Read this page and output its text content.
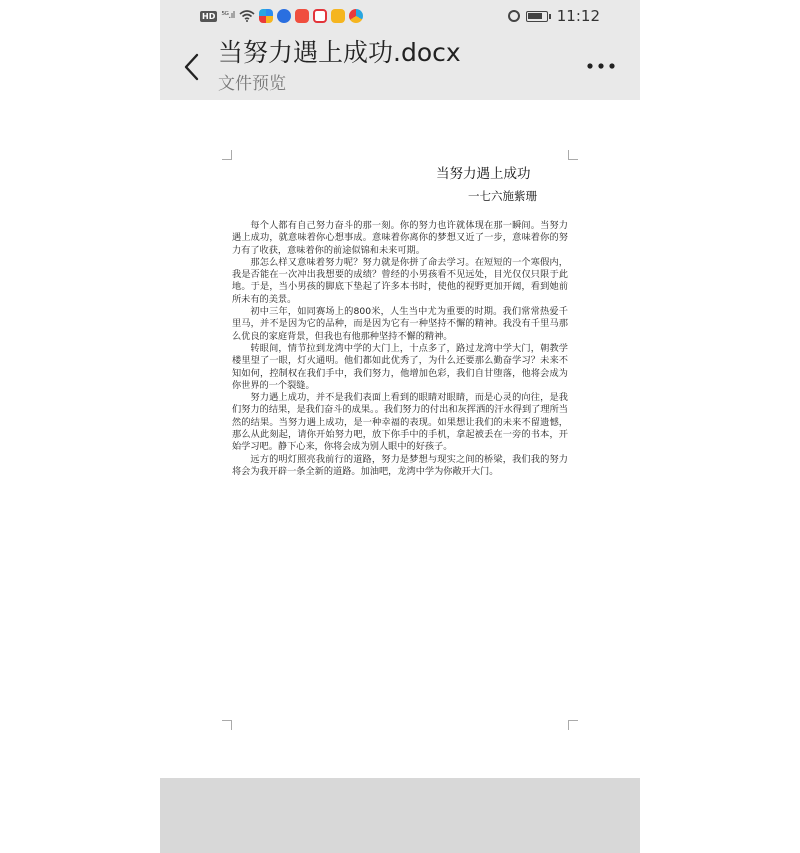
HD ⁵ᴳ.ıl	11:12
当努力遇上成功.docx
文件预览
当努力遇上成功
一七六施紫珊

每个人都有自己努力奋斗的那一刻。你的努力也许就体现在那一瞬间。当努力遇上成功，就意味着你心想事成。意味着你离你的梦想又近了一步，意味着你的努力有了收获，意味着你的前途似锦和未来可期。

那怎么样又意味着努力呢？努力就是你拼了命去学习。在短短的一个寒假内，我是否能在一次冲出我想要的成绩？曾经的小男孩看不见远处，目光仅仅只限于此地。于是，当小男孩的脚底下垫起了许多本书时，使他的视野更加开阔，看到她前所未有的美景。

初中三年，如同赛场上的800米，人生当中尤为重要的时期。我们常常热爱千里马，并不是因为它的品种，而是因为它有一种坚持不懈的精神。我没有千里马那么优良的家庭背景，但我也有他那种坚持不懈的精神。

转眼间，情节拉到龙湾中学的大门上，十点多了，路过龙湾中学大门，朝教学楼里望了一眼，灯火通明。他们都如此优秀了，为什么还要那么勤奋学习？未来不知如何，控制权在我们手中，我们努力，他增加色彩，我们自甘堕落，他将会成为你世界的一个裂缝。

努力遇上成功，并不是我们表面上看到的眼睛对眼睛，而是心灵的向往，是我们努力的结果，是我们奋斗的成果。。我们努力的付出和灰挥洒的汗水得到了理所当然的结果。当努力遇上成功，是一种幸福的表现。如果想让我们的未来不留遗憾，那么从此刻起，请你开始努力吧，放下你手中的手机，拿起被丢在一旁的书本，开始学习吧。静下心来，你将会成为别人眼中的好孩子。

远方的明灯照亮我前行的道路，努力是梦想与现实之间的桥梁，我们我的努力将会为我开辟一条全新的道路。加油吧，龙湾中学为你敞开大门。
